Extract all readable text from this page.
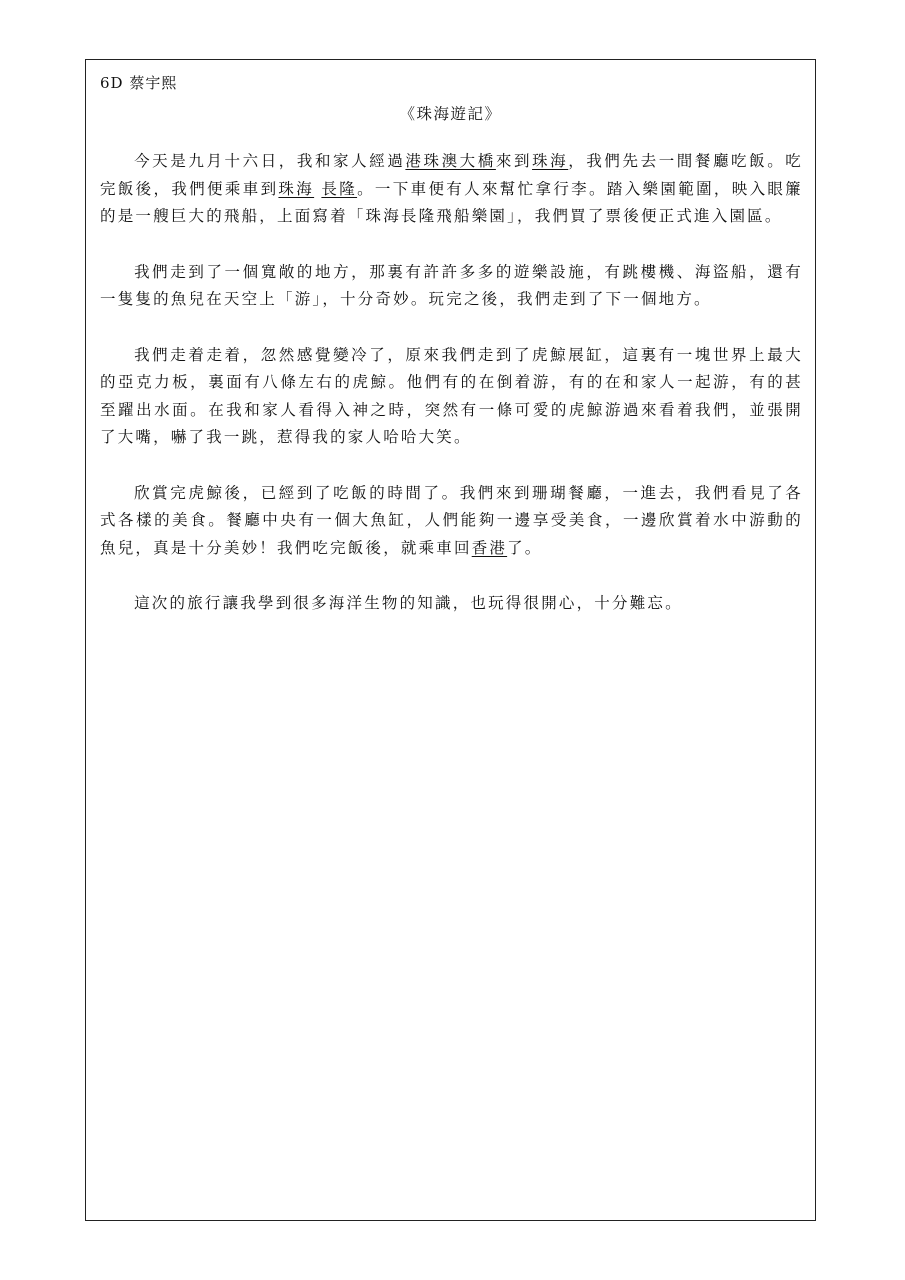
6D 蔡宇熙
《珠海遊記》

今天是九月十六日，我和家人經過港珠澳大橋來到珠海，我們先去一間餐廳吃飯。吃完飯後，我們便乘車到珠海 長隆。一下車便有人來幫忙拿行李。踏入樂園範圍，映入眼簾的是一艘巨大的飛船，上面寫着「珠海長隆飛船樂園」，我們買了票後便正式進入園區。

我們走到了一個寬敞的地方，那裏有許許多多的遊樂設施，有跳樓機、海盜船，還有一隻隻的魚兒在天空上「游」，十分奇妙。玩完之後，我們走到了下一個地方。

我們走着走着，忽然感覺變冷了，原來我們走到了虎鯨展缸，這裏有一塊世界上最大的亞克力板，裏面有八條左右的虎鯨。他們有的在倒着游，有的在和家人一起游，有的甚至躍出水面。在我和家人看得入神之時，突然有一條可愛的虎鯨游過來看着我們，並張開了大嘴，嚇了我一跳，惹得我的家人哈哈大笑。

欣賞完虎鯨後，已經到了吃飯的時間了。我們來到珊瑚餐廳，一進去，我們看見了各式各樣的美食。餐廳中央有一個大魚缸，人們能夠一邊享受美食，一邊欣賞着水中游動的魚兒，真是十分美妙！我們吃完飯後，就乘車回香港了。

這次的旅行讓我學到很多海洋生物的知識，也玩得很開心，十分難忘。
